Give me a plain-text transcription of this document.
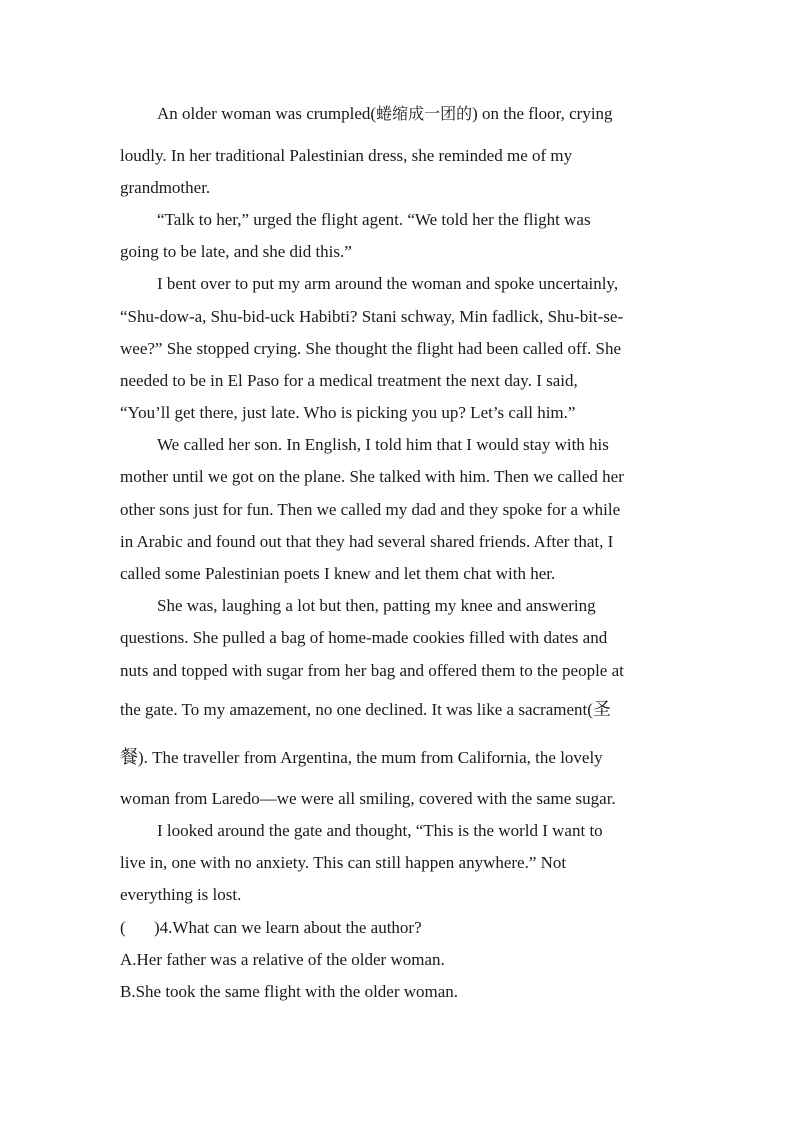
An older woman was crumpled(蜷缩成一团的) on the floor, crying
loudly. In her traditional Palestinian dress, she reminded me of my
grandmother.
“Talk to her,” urged the flight agent. “We told her the flight was
going to be late, and she did this.”
I bent over to put my arm around the woman and spoke uncertainly,
“Shu-dow-a, Shu-bid-uck Habibti? Stani schway, Min fadlick, Shu-bit-se-
wee?” She stopped crying. She thought the flight had been called off. She
needed to be in El Paso for a medical treatment the next day. I said,
“You’ll get there, just late. Who is picking you up? Let’s call him.”
We called her son. In English, I told him that I would stay with his
mother until we got on the plane. She talked with him. Then we called her
other sons just for fun. Then we called my dad and they spoke for a while
in Arabic and found out that they had several shared friends. After that, I
called some Palestinian poets I knew and let them chat with her.
She was, laughing a lot but then, patting my knee and answering
questions. She pulled a bag of home-made cookies filled with dates and
nuts and topped with sugar from her bag and offered them to the people at
the gate. To my amazement, no one declined. It was like a sacrament(圣
餐). The traveller from Argentina, the mum from California, the lovely
woman from Laredo—we were all smiling, covered with the same sugar.
I looked around the gate and thought, “This is the world I want to
live in, one with no anxiety. This can still happen anywhere.” Not
everything is lost.
( )4.What can we learn about the author?
A.Her father was a relative of the older woman.
B.She took the same flight with the older woman.
